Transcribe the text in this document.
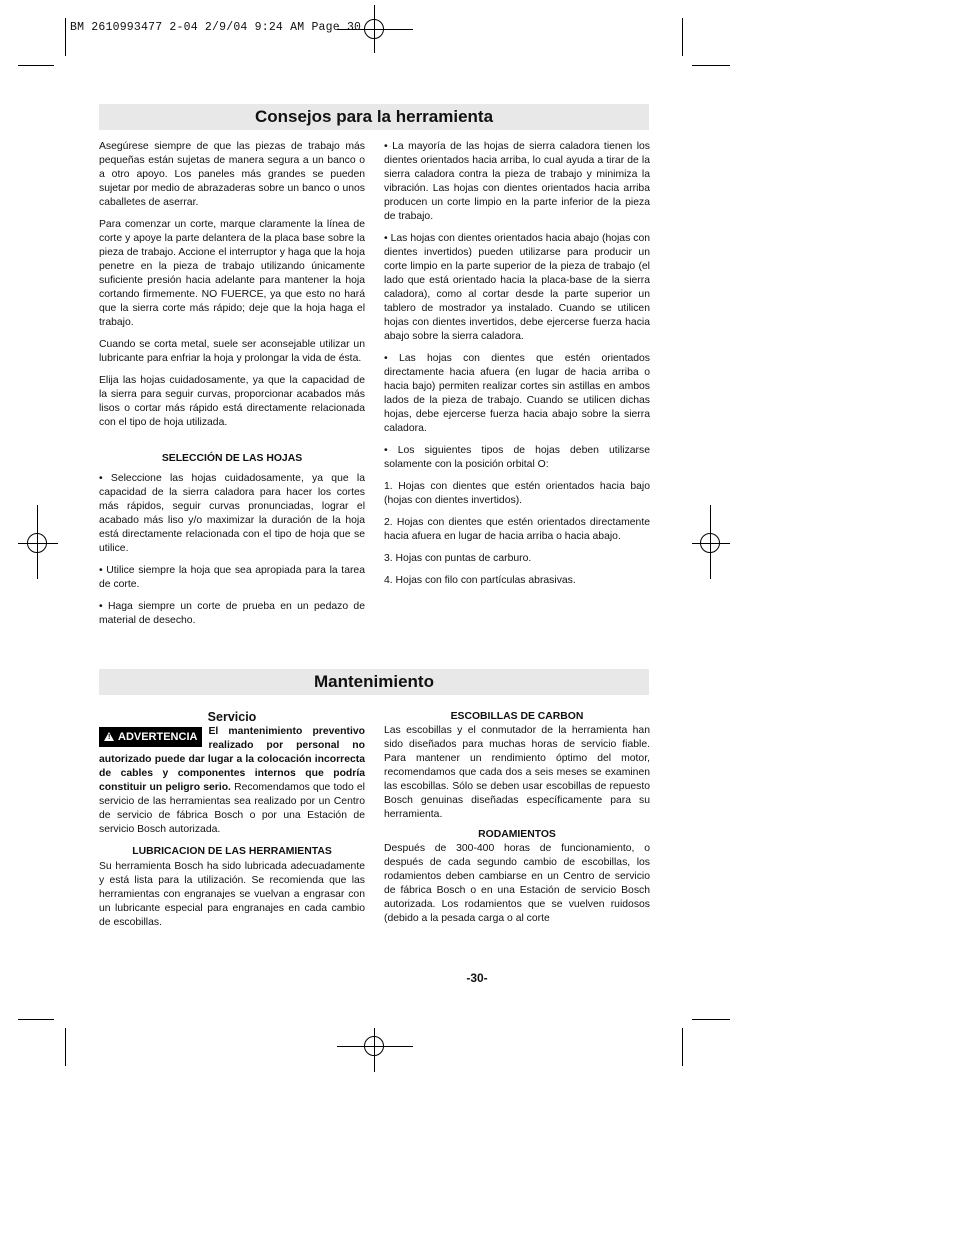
BM 2610993477 2-04 2/9/04 9:24 AM Page 30
Consejos para la herramienta

Asegúrese siempre de que las piezas de trabajo más pequeñas están sujetas de manera segura a un banco o a otro apoyo. Los paneles más grandes se pueden sujetar por medio de abrazaderas sobre un banco o unos caballetes de aserrar.

Para comenzar un corte, marque claramente la línea de corte y apoye la parte delantera de la placa base sobre la pieza de trabajo. Accione el interruptor y haga que la hoja penetre en la pieza de trabajo utilizando únicamente suficiente presión hacia adelante para mantener la hoja cortando firmemente. NO FUERCE, ya que esto no hará que la sierra corte más rápido; deje que la hoja haga el trabajo.

Cuando se corta metal, suele ser aconsejable utilizar un lubricante para enfriar la hoja y prolongar la vida de ésta.

Elija las hojas cuidadosamente, ya que la capacidad de la sierra para seguir curvas, proporcionar acabados más lisos o cortar más rápido está directamente relacionada con el tipo de hoja utilizada.

SELECCIÓN DE LAS HOJAS

• Seleccione las hojas cuidadosamente, ya que la capacidad de la sierra caladora para hacer los cortes más rápidos, seguir curvas pronunciadas, lograr el acabado más liso y/o maximizar la duración de la hoja está directamente relacionada con el tipo de hoja que se utilice.

• Utilice siempre la hoja que sea apropiada para la tarea de corte.

• Haga siempre un corte de prueba en un pedazo de material de desecho.

• La mayoría de las hojas de sierra caladora tienen los dientes orientados hacia arriba, lo cual ayuda a tirar de la sierra caladora contra la pieza de trabajo y minimiza la vibración. Las hojas con dientes orientados hacia arriba producen un corte limpio en la parte inferior de la pieza de trabajo.

• Las hojas con dientes orientados hacia abajo (hojas con dientes invertidos) pueden utilizarse para producir un corte limpio en la parte superior de la pieza de trabajo (el lado que está orientado hacia la placa-base de la sierra caladora), como al cortar desde la parte superior un tablero de mostrador ya instalado. Cuando se utilicen hojas con dientes invertidos, debe ejercerse fuerza hacia abajo sobre la sierra caladora.

• Las hojas con dientes que estén orientados directamente hacia afuera (en lugar de hacia arriba o hacia bajo) permiten realizar cortes sin astillas en ambos lados de la pieza de trabajo. Cuando se utilicen dichas hojas, debe ejercerse fuerza hacia abajo sobre la sierra caladora.

• Los siguientes tipos de hojas deben utilizarse solamente con la posición orbital O:

1. Hojas con dientes que estén orientados hacia bajo (hojas con dientes invertidos).

2. Hojas con dientes que estén orientados directamente hacia afuera en lugar de hacia arriba o hacia abajo.

3. Hojas con puntas de carburo.

4. Hojas con filo con partículas abrasivas.

Mantenimiento

Servicio

! ADVERTENCIA	El mantenimiento preventivo realizado por personal no autorizado puede dar lugar a la colocación incorrecta de cables y componentes internos que podría constituir un peligro serio. Recomendamos que todo el servicio de las herramientas sea realizado por un Centro de servicio de fábrica Bosch o por una Estación de servicio Bosch autorizada.

LUBRICACION DE LAS HERRAMIENTAS

Su herramienta Bosch ha sido lubricada adecuadamente y está lista para la utilización. Se recomienda que las herramientas con engranajes se vuelvan a engrasar con un lubricante especial para engranajes en cada cambio de escobillas.

ESCOBILLAS DE CARBON

Las escobillas y el conmutador de la herramienta han sido diseñados para muchas horas de servicio fiable. Para mantener un rendimiento óptimo del motor, recomendamos que cada dos a seis meses se examinen las escobillas. Sólo se deben usar escobillas de repuesto Bosch genuinas diseñadas específicamente para su herramienta.

RODAMIENTOS

Después de 300-400 horas de funcionamiento, o después de cada segundo cambio de escobillas, los rodamientos deben cambiarse en un Centro de servicio de fábrica Bosch o en una Estación de servicio Bosch autorizada. Los rodamientos que se vuelven ruidosos (debido a la pesada carga o al corte

-30-
